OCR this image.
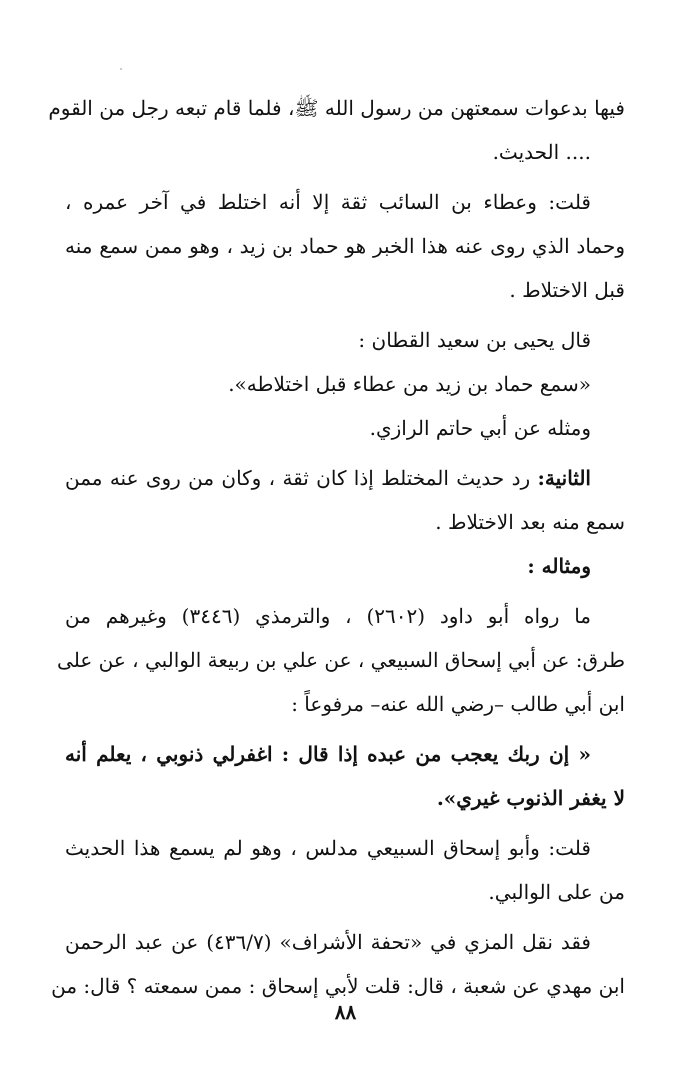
فيها بدعوات سمعتهن من رسول الله ﷺ، فلما قام تبعه رجل من القوم
.... الحديث.
قلت: وعطاء بن السائب ثقة إلا أنه اختلط في آخر عمره ،
وحماد الذي روى عنه هذا الخبر هو حماد بن زيد ، وهو ممن سمع منه
قبل الاختلاط .
قال يحيى بن سعيد القطان :
«سمع حماد بن زيد من عطاء قبل اختلاطه».
ومثله عن أبي حاتم الرازي.
الثانية: رد حديث المختلط إذا كان ثقة ، وكان من روى عنه ممن
سمع منه بعد الاختلاط .
ومثاله :
ما رواه أبو داود (٢٦٠٢) ، والترمذي (٣٤٤٦) وغيرهم من
طرق: عن أبي إسحاق السبيعي ، عن علي بن ربيعة الوالبي ، عن على
ابن أبي طالب –رضي الله عنه– مرفوعاً :
« إن ربك يعجب من عبده إذا قال : اغفرلي ذنوبي ، يعلم أنه
لا يغفر الذنوب غيري».
قلت: وأبو إسحاق السبيعي مدلس ، وهو لم يسمع هذا الحديث
من على الوالبي.
فقد نقل المزي في «تحفة الأشراف» (٤٣٦/٧) عن عبد الرحمن
ابن مهدي عن شعبة ، قال: قلت لأبي إسحاق : ممن سمعته ؟ قال: من
٨٨
